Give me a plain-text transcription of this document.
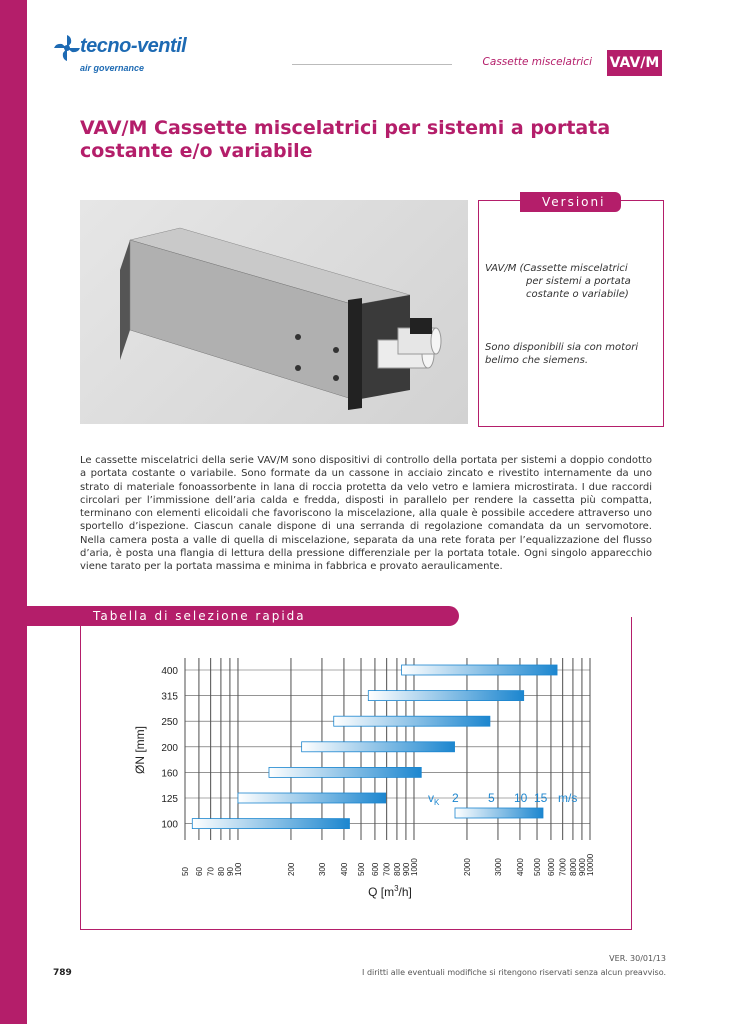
tecno-ventil
air governance	Cassette miscelatrici VAV/M
VAV/M Cassette miscelatrici per sistemi a portata costante e/o variabile
Versioni
VAV/M (Cassette miscelatrici
per sistemi a portata
costante o variabile)
Sono disponibili sia con motori belimo che siemens.

Le cassette miscelatrici della serie VAV/M sono dispositivi di controllo della portata per sistemi a doppio condotto a portata costante o variabile. Sono formate da un cassone in acciaio zincato e rivestito internamente da uno strato di materiale fonoassorbente in lana di roccia protetta da velo vetro e lamiera microstirata. I due raccordi circolari per l’immissione dell’aria calda e fredda, disposti in parallelo per rendere la cassetta più compatta, terminano con elementi elicoidali che favoriscono la miscelazione, alla quale è possibile accedere attraverso uno sportello d’ispezione. Ciascun canale dispone di una serranda di regolazione comandata da un servomotore. Nella camera posta a valle di quella di miscelazione, separata da una rete forata per l’equalizzazione del flusso d’aria, è posta una flangia di lettura della pressione differenziale per la portata totale. Ogni singolo apparecchio viene tarato per la portata massima e minima in fabbrica e provato aeraulicamente.

Tabella di selezione rapida
400
315
250
200
160
125
100
50 60 70 80 90 100	200	300 400 500 600 700 800 900 1000	2000	3000 4000 5000 6000 7000 8000 9000 10000
$v_K$ 2 5 10 15 m/s
ØN [mm]
Q $[m^3/h]$
VER. 30/01/13
I diritti alle eventuali modifiche si ritengono riservati senza alcun preavviso.
789
